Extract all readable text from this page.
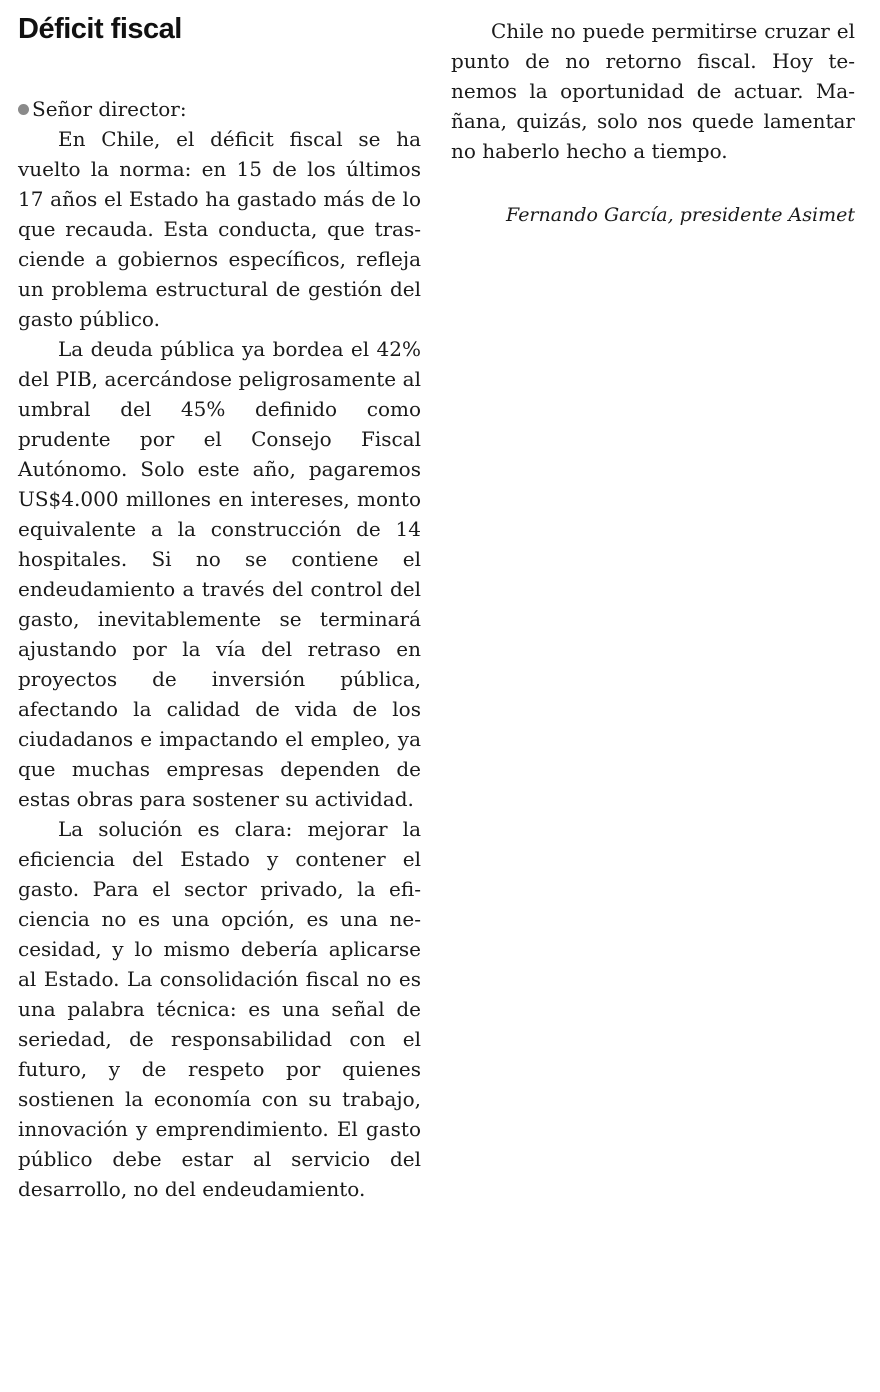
Déficit fiscal

Señor director:

En Chile, el déficit fiscal se ha vuelto la norma: en 15 de los últimos 17 años el Estado ha gastado más de lo que recauda. Esta conducta, que trasciende a gobiernos específicos, refleja un problema estructural de gestión del gasto público.

La deuda pública ya bordea el 42% del PIB, acercándose peligrosamente al umbral del 45% definido como prudente por el Consejo Fiscal Autónomo. Solo este año, pagaremos US$4.000 millones en intereses, monto equivalente a la construcción de 14 hospitales. Si no se contiene el endeudamiento a través del control del gasto, inevitablemente se terminará ajustando por la vía del retraso en proyectos de inversión pública, afectando la calidad de vida de los ciudadanos e impactando el empleo, ya que muchas empresas dependen de estas obras para sostener su actividad.

La solución es clara: mejorar la eficiencia del Estado y contener el gasto. Para el sector privado, la eficiencia no es una opción, es una necesidad, y lo mismo debería aplicarse al Estado. La consolidación fiscal no es una palabra técnica: es una señal de seriedad, de responsabilidad con el futuro, y de respeto por quienes sostienen la economía con su trabajo, innovación y emprendimiento. El gasto público debe estar al servicio del desarrollo, no del endeudamiento.

Chile no puede permitirse cruzar el punto de no retorno fiscal. Hoy tenemos la oportunidad de actuar. Mañana, quizás, solo nos quede lamentar no haberlo hecho a tiempo.

Fernando García, presidente Asimet
